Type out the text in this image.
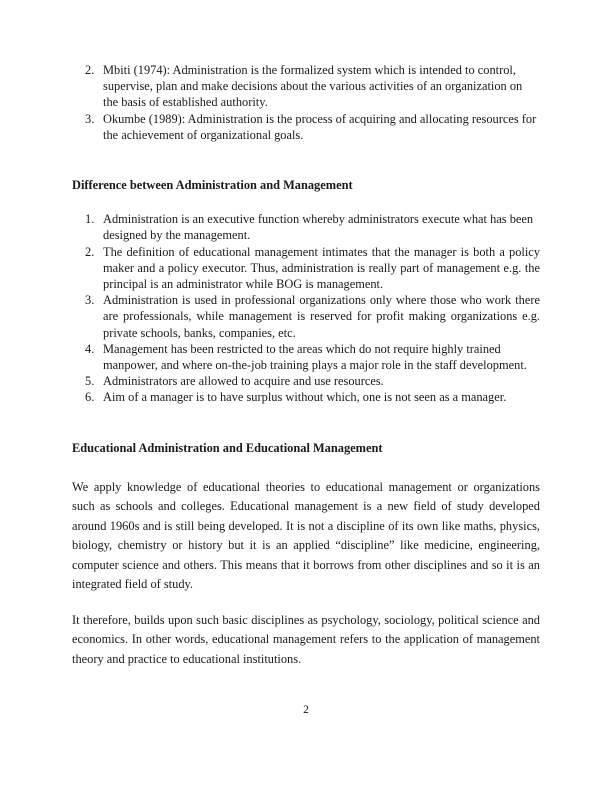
2. Mbiti (1974): Administration is the formalized system which is intended to control, supervise, plan and make decisions about the various activities of an organization on the basis of established authority.
3. Okumbe (1989): Administration is the process of acquiring and allocating resources for the achievement of organizational goals.
Difference between Administration and Management
1. Administration is an executive function whereby administrators execute what has been designed by the management.
2. The definition of educational management intimates that the manager is both a policy maker and a policy executor. Thus, administration is really part of management e.g. the principal is an administrator while BOG is management.
3. Administration is used in professional organizations only where those who work there are professionals, while management is reserved for profit making organizations e.g. private schools, banks, companies, etc.
4. Management has been restricted to the areas which do not require highly trained manpower, and where on-the-job training plays a major role in the staff development.
5. Administrators are allowed to acquire and use resources.
6. Aim of a manager is to have surplus without which, one is not seen as a manager.
Educational Administration and Educational Management

We apply knowledge of educational theories to educational management or organizations such as schools and colleges. Educational management is a new field of study developed around 1960s and is still being developed. It is not a discipline of its own like maths, physics, biology, chemistry or history but it is an applied “discipline” like medicine, engineering, computer science and others. This means that it borrows from other disciplines and so it is an integrated field of study.

It therefore, builds upon such basic disciplines as psychology, sociology, political science and economics. In other words, educational management refers to the application of management theory and practice to educational institutions.

2
